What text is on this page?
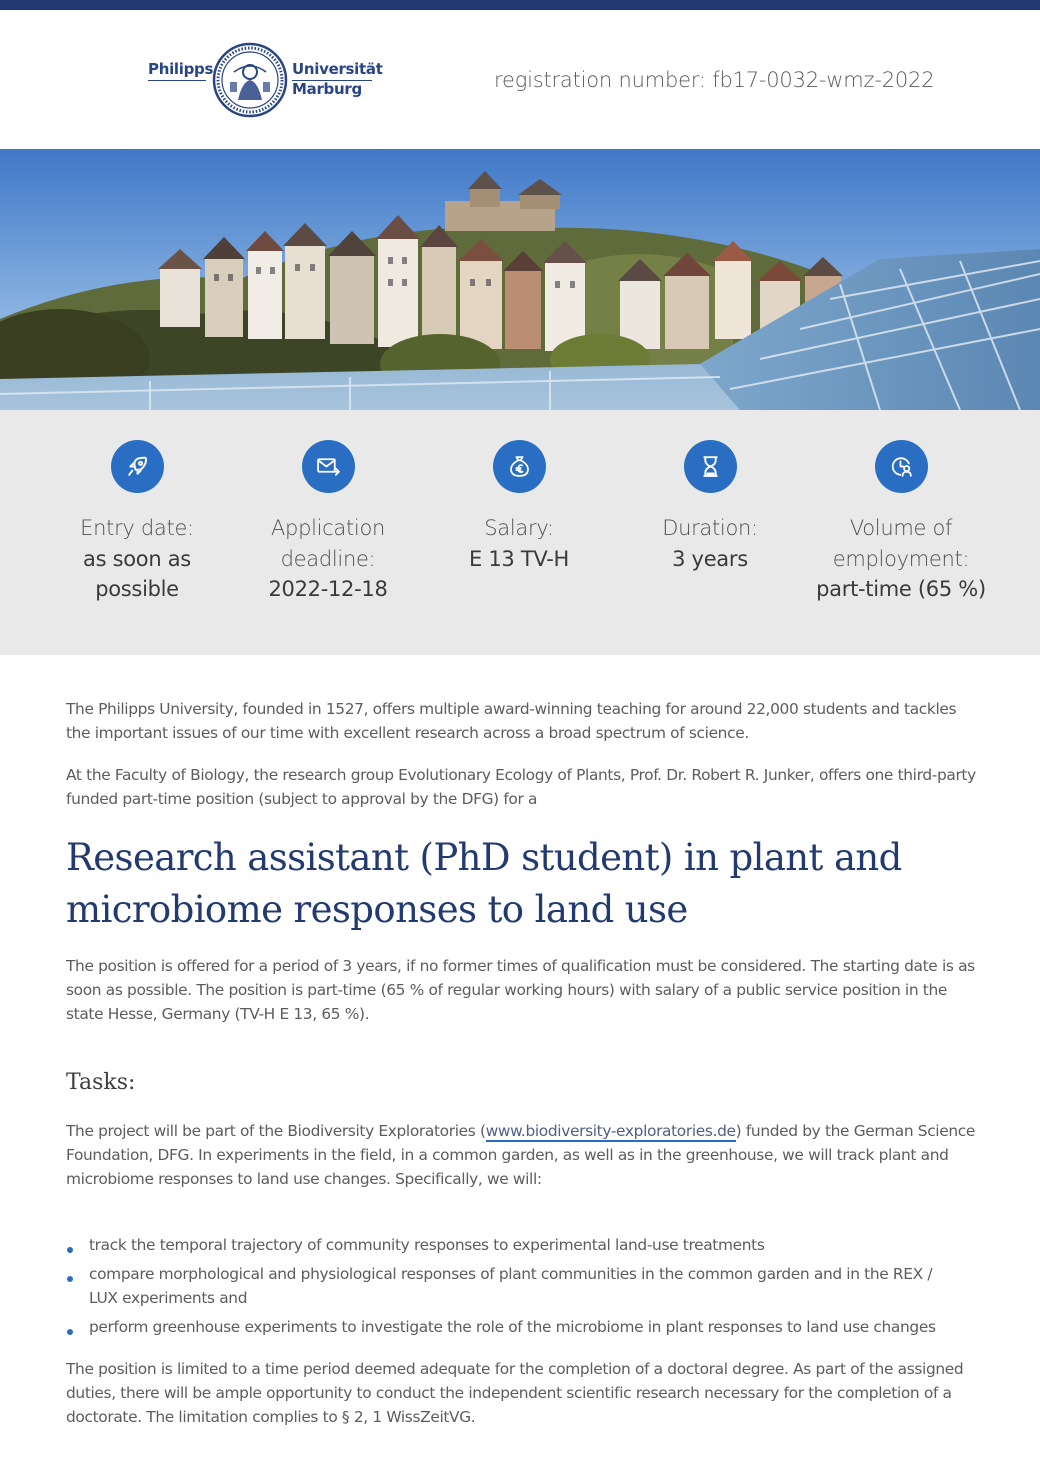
Philipps	Universität
Marburg	registration number: fb17-0032-wmz-2022
Entry date:
as soon as possible
Application deadline:
2022-12-18
Salary:
E 13 TV-H
Duration:
3 years
Volume of employment:
part-time (65 %)

The Philipps University, founded in 1527, offers multiple award-winning teaching for around 22,000 students and tackles the important issues of our time with excellent research across a broad spectrum of science.

At the Faculty of Biology, the research group Evolutionary Ecology of Plants, Prof. Dr. Robert R. Junker, offers one third-party funded part-time position (subject to approval by the DFG) for a

Research assistant (PhD student) in plant and microbiome responses to land use

The position is offered for a period of 3 years, if no former times of qualification must be considered. The starting date is as soon as possible. The position is part-time (65 % of regular working hours) with salary of a public service position in the state Hesse, Germany (TV-H E 13, 65 %).

Tasks:

The project will be part of the Biodiversity Exploratories (www.biodiversity-exploratories.de) funded by the German Science Foundation, DFG. In experiments in the field, in a common garden, as well as in the greenhouse, we will track plant and microbiome responses to land use changes. Specifically, we will:

track the temporal trajectory of community responses to experimental land-use treatments
compare morphological and physiological responses of plant communities in the common garden and in the REX / LUX experiments and
perform greenhouse experiments to investigate the role of the microbiome in plant responses to land use changes

The position is limited to a time period deemed adequate for the completion of a doctoral degree. As part of the assigned duties, there will be ample opportunity to conduct the independent scientific research necessary for the completion of a doctorate. The limitation complies to § 2, 1 WissZeitVG.
